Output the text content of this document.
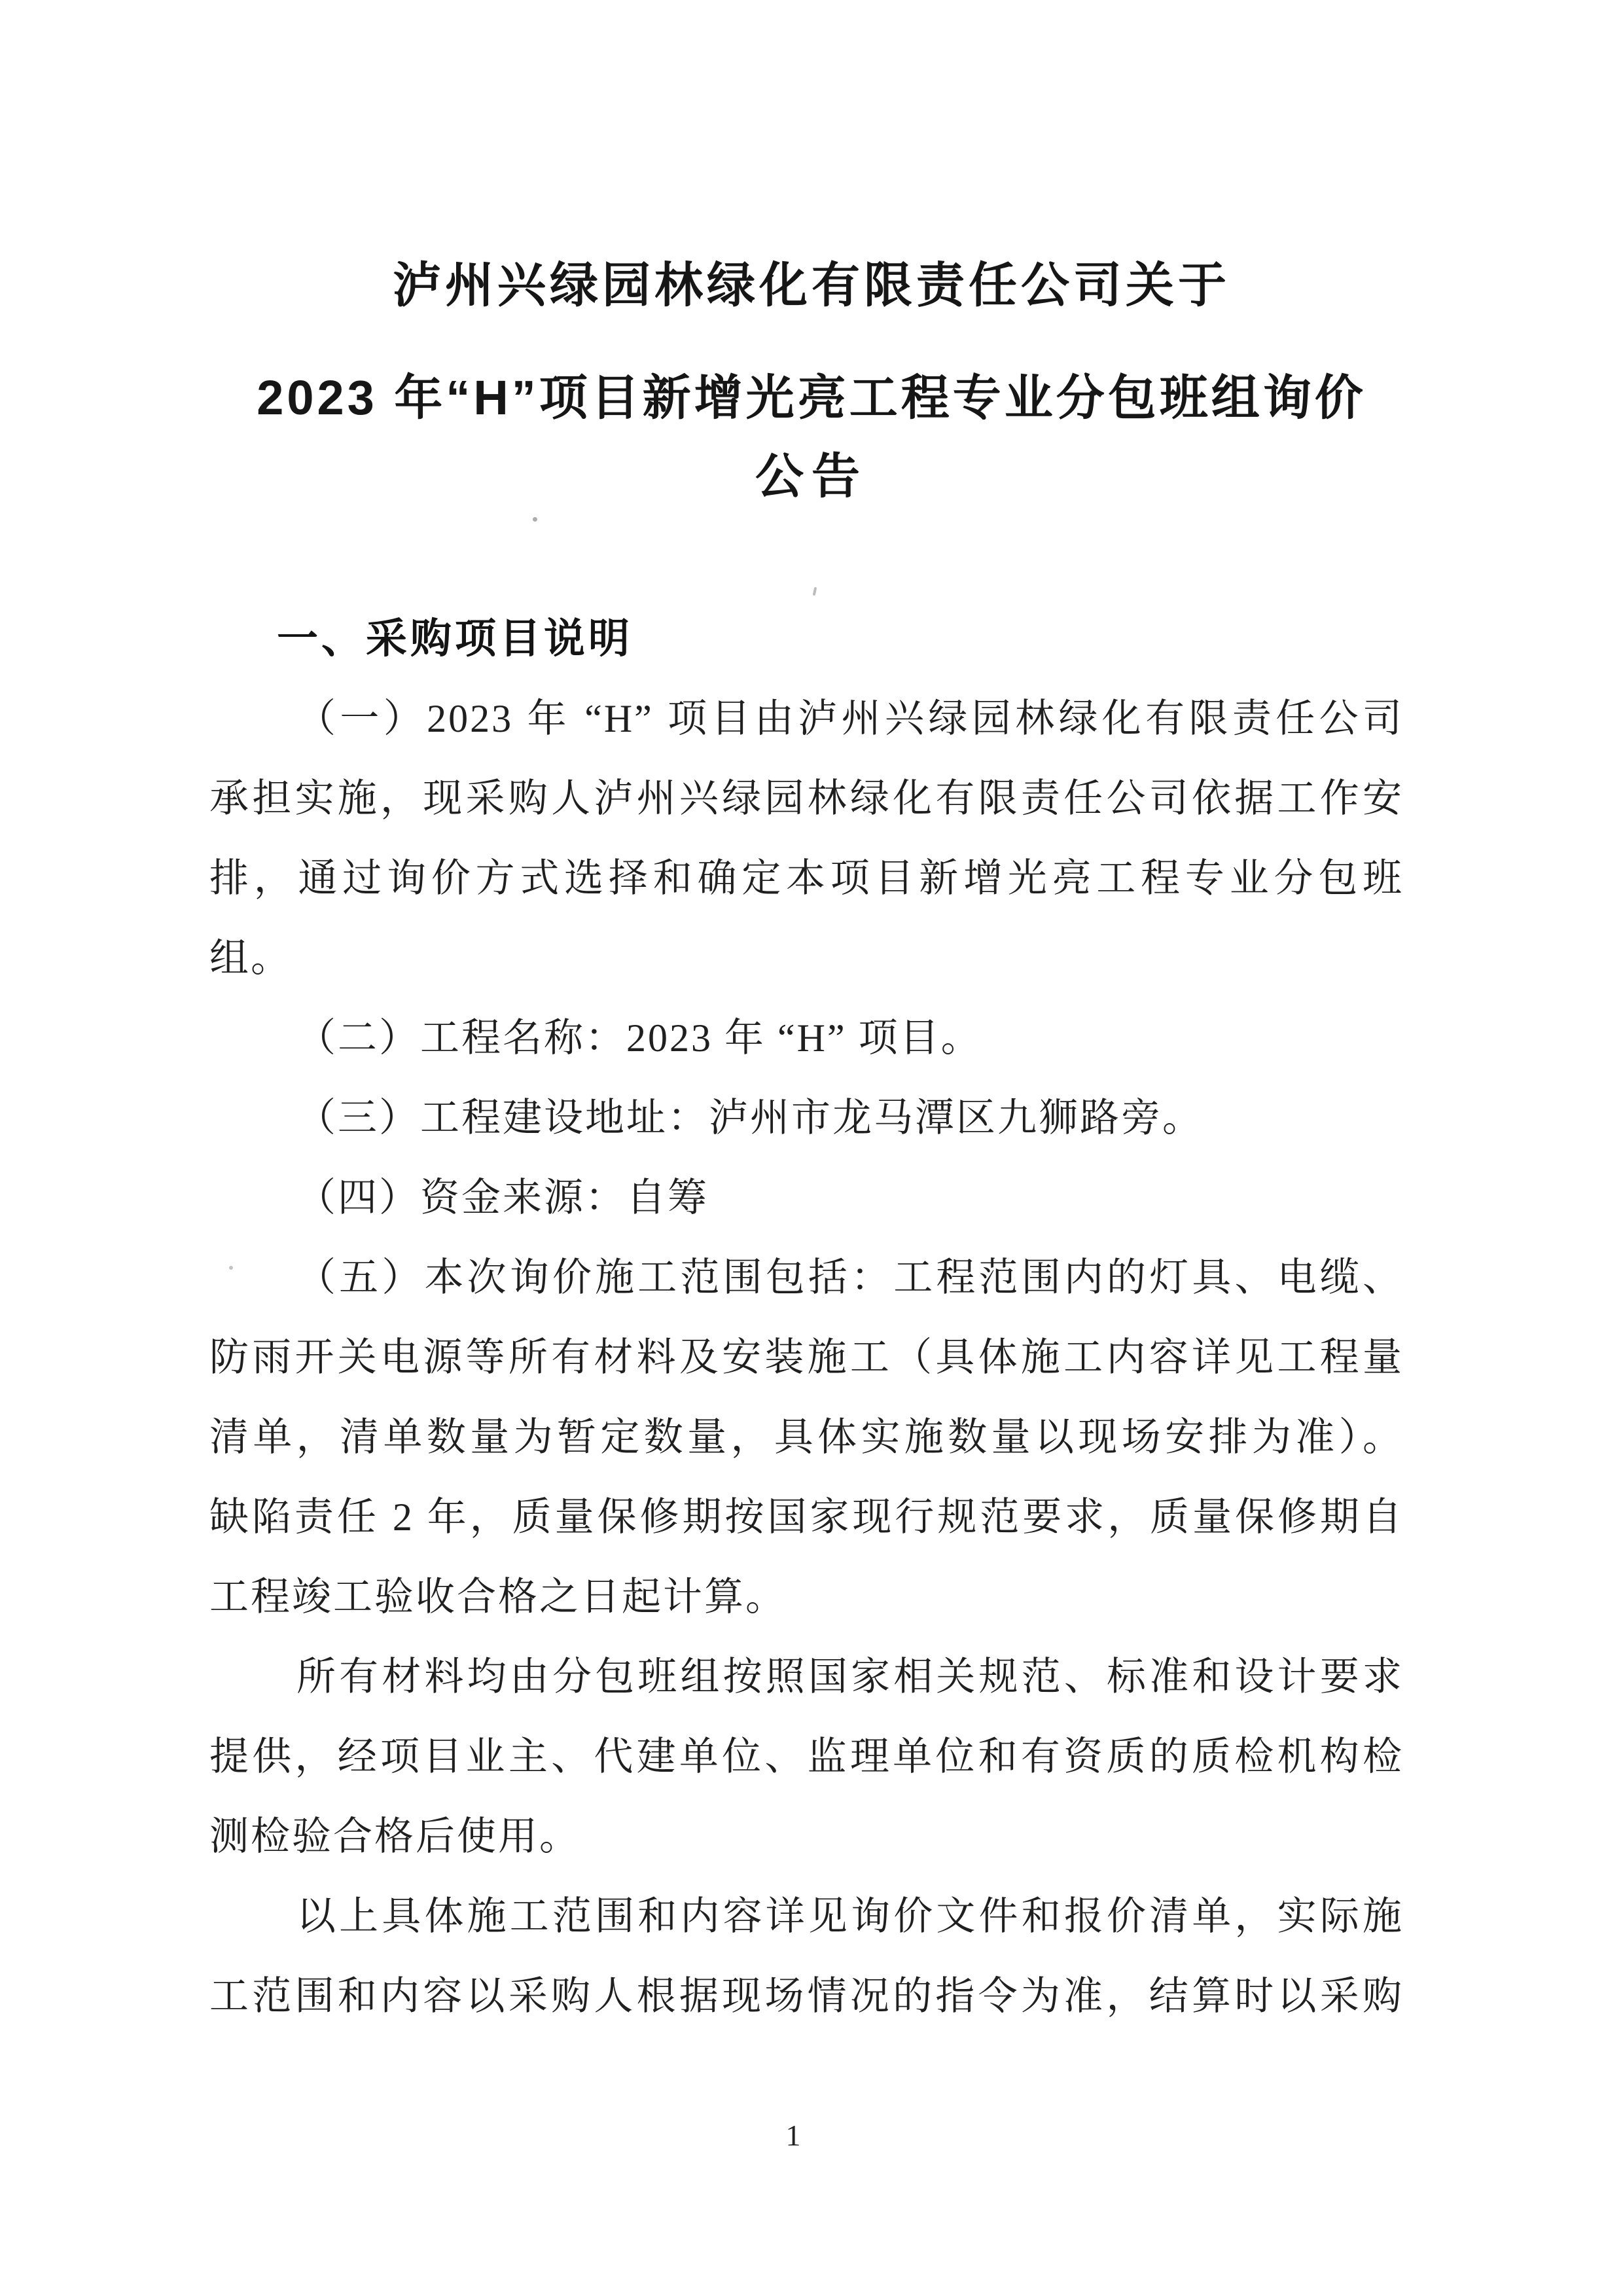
泸州兴绿园林绿化有限责任公司关于
2023 年“H”项目新增光亮工程专业分包班组询价
公告
一、采购项目说明
（一）2023 年 “H” 项目由泸州兴绿园林绿化有限责任公司
承担实施，现采购人泸州兴绿园林绿化有限责任公司依据工作安
排，通过询价方式选择和确定本项目新增光亮工程专业分包班
组。
（二）工程名称：2023 年 “H” 项目。
（三）工程建设地址：泸州市龙马潭区九狮路旁。
（四）资金来源：自筹
（五）本次询价施工范围包括：工程范围内的灯具、电缆、
防雨开关电源等所有材料及安装施工（具体施工内容详见工程量
清单，清单数量为暂定数量，具体实施数量以现场安排为准）。
缺陷责任 2 年，质量保修期按国家现行规范要求，质量保修期自
工程竣工验收合格之日起计算。
所有材料均由分包班组按照国家相关规范、标准和设计要求
提供，经项目业主、代建单位、监理单位和有资质的质检机构检
测检验合格后使用。
以上具体施工范围和内容详见询价文件和报价清单，实际施
工范围和内容以采购人根据现场情况的指令为准，结算时以采购
1
